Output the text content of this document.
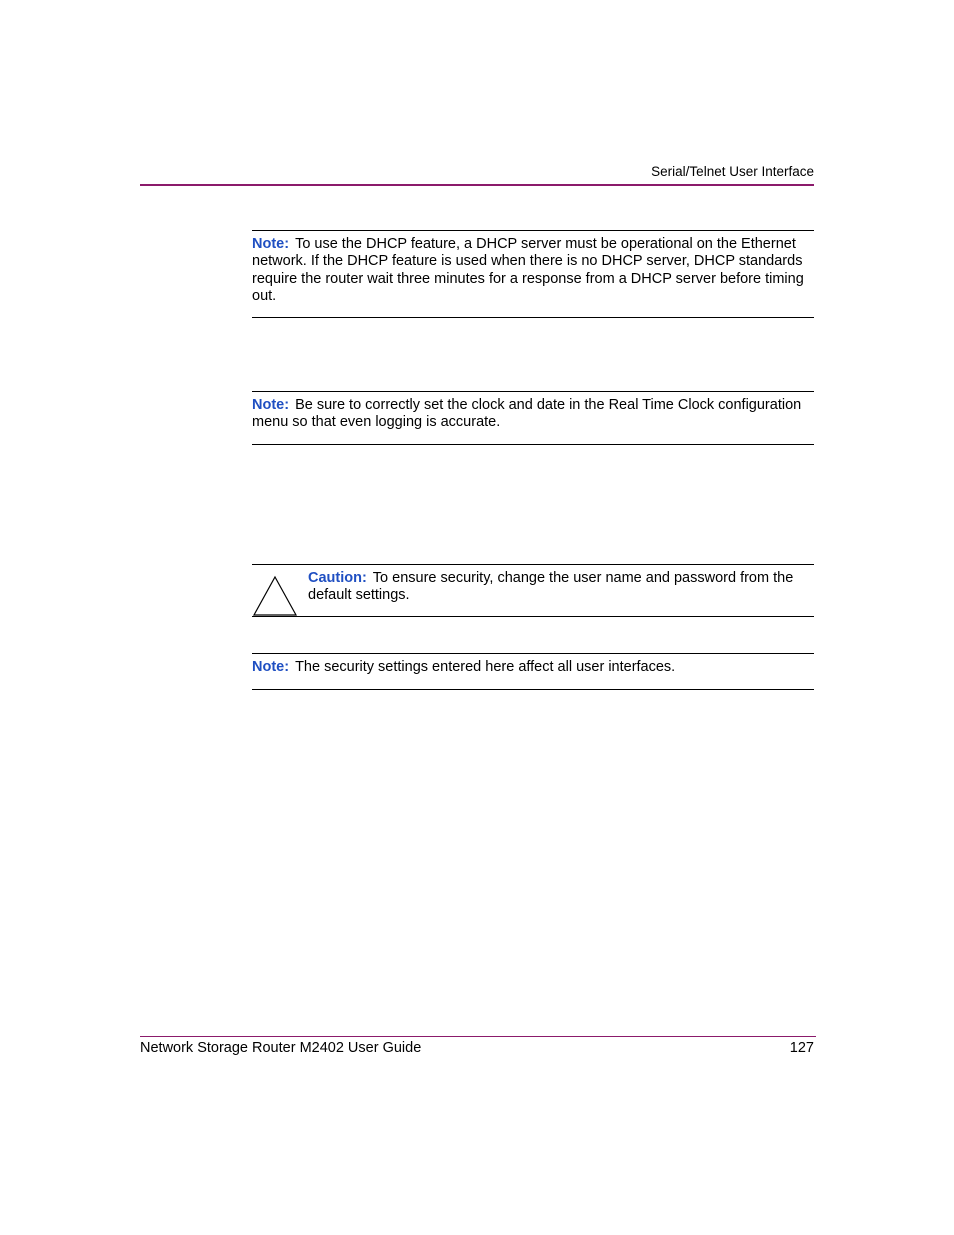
Serial/Telnet User Interface
Note: To use the DHCP feature, a DHCP server must be operational on the Ethernet network. If the DHCP feature is used when there is no DHCP server, DHCP standards require the router wait three minutes for a response from a DHCP server before timing out.
Note: Be sure to correctly set the clock and date in the Real Time Clock configuration menu so that even logging is accurate.
Caution: To ensure security, change the user name and password from the default settings.
Note: The security settings entered here affect all user interfaces.
Network Storage Router M2402 User Guide	127
